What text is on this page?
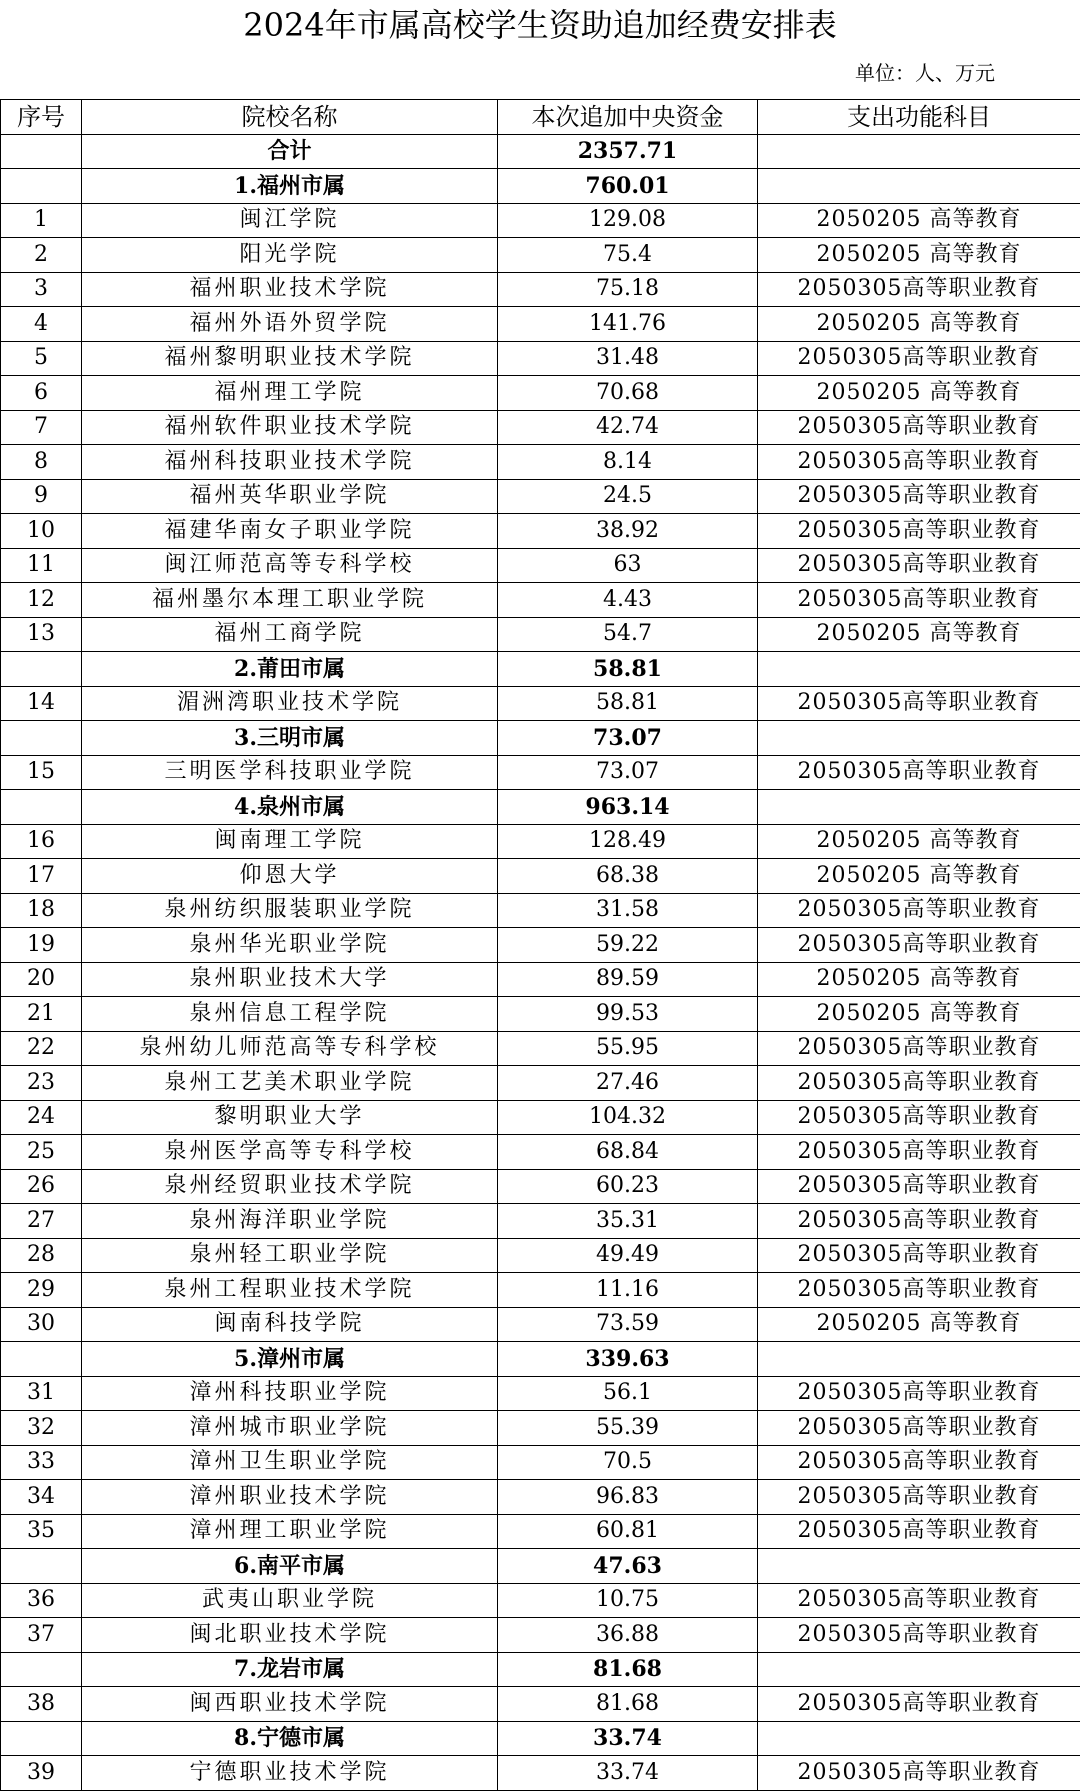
2024年市属高校学生资助追加经费安排表
单位：人、万元
序号	院校名称	本次追加中央资金	支出功能科目
	合计	2357.71	
	1.福州市属	760.01	
1	闽江学院	129.08	2050205 高等教育
2	阳光学院	75.4	2050205 高等教育
3	福州职业技术学院	75.18	2050305高等职业教育
4	福州外语外贸学院	141.76	2050205 高等教育
5	福州黎明职业技术学院	31.48	2050305高等职业教育
6	福州理工学院	70.68	2050205 高等教育
7	福州软件职业技术学院	42.74	2050305高等职业教育
8	福州科技职业技术学院	8.14	2050305高等职业教育
9	福州英华职业学院	24.5	2050305高等职业教育
10	福建华南女子职业学院	38.92	2050305高等职业教育
11	闽江师范高等专科学校	63	2050305高等职业教育
12	福州墨尔本理工职业学院	4.43	2050305高等职业教育
13	福州工商学院	54.7	2050205 高等教育
	2.莆田市属	58.81	
14	湄洲湾职业技术学院	58.81	2050305高等职业教育
	3.三明市属	73.07	
15	三明医学科技职业学院	73.07	2050305高等职业教育
	4.泉州市属	963.14	
16	闽南理工学院	128.49	2050205 高等教育
17	仰恩大学	68.38	2050205 高等教育
18	泉州纺织服装职业学院	31.58	2050305高等职业教育
19	泉州华光职业学院	59.22	2050305高等职业教育
20	泉州职业技术大学	89.59	2050205 高等教育
21	泉州信息工程学院	99.53	2050205 高等教育
22	泉州幼儿师范高等专科学校	55.95	2050305高等职业教育
23	泉州工艺美术职业学院	27.46	2050305高等职业教育
24	黎明职业大学	104.32	2050305高等职业教育
25	泉州医学高等专科学校	68.84	2050305高等职业教育
26	泉州经贸职业技术学院	60.23	2050305高等职业教育
27	泉州海洋职业学院	35.31	2050305高等职业教育
28	泉州轻工职业学院	49.49	2050305高等职业教育
29	泉州工程职业技术学院	11.16	2050305高等职业教育
30	闽南科技学院	73.59	2050205 高等教育
	5.漳州市属	339.63	
31	漳州科技职业学院	56.1	2050305高等职业教育
32	漳州城市职业学院	55.39	2050305高等职业教育
33	漳州卫生职业学院	70.5	2050305高等职业教育
34	漳州职业技术学院	96.83	2050305高等职业教育
35	漳州理工职业学院	60.81	2050305高等职业教育
	6.南平市属	47.63	
36	武夷山职业学院	10.75	2050305高等职业教育
37	闽北职业技术学院	36.88	2050305高等职业教育
	7.龙岩市属	81.68	
38	闽西职业技术学院	81.68	2050305高等职业教育
	8.宁德市属	33.74	
39	宁德职业技术学院	33.74	2050305高等职业教育
